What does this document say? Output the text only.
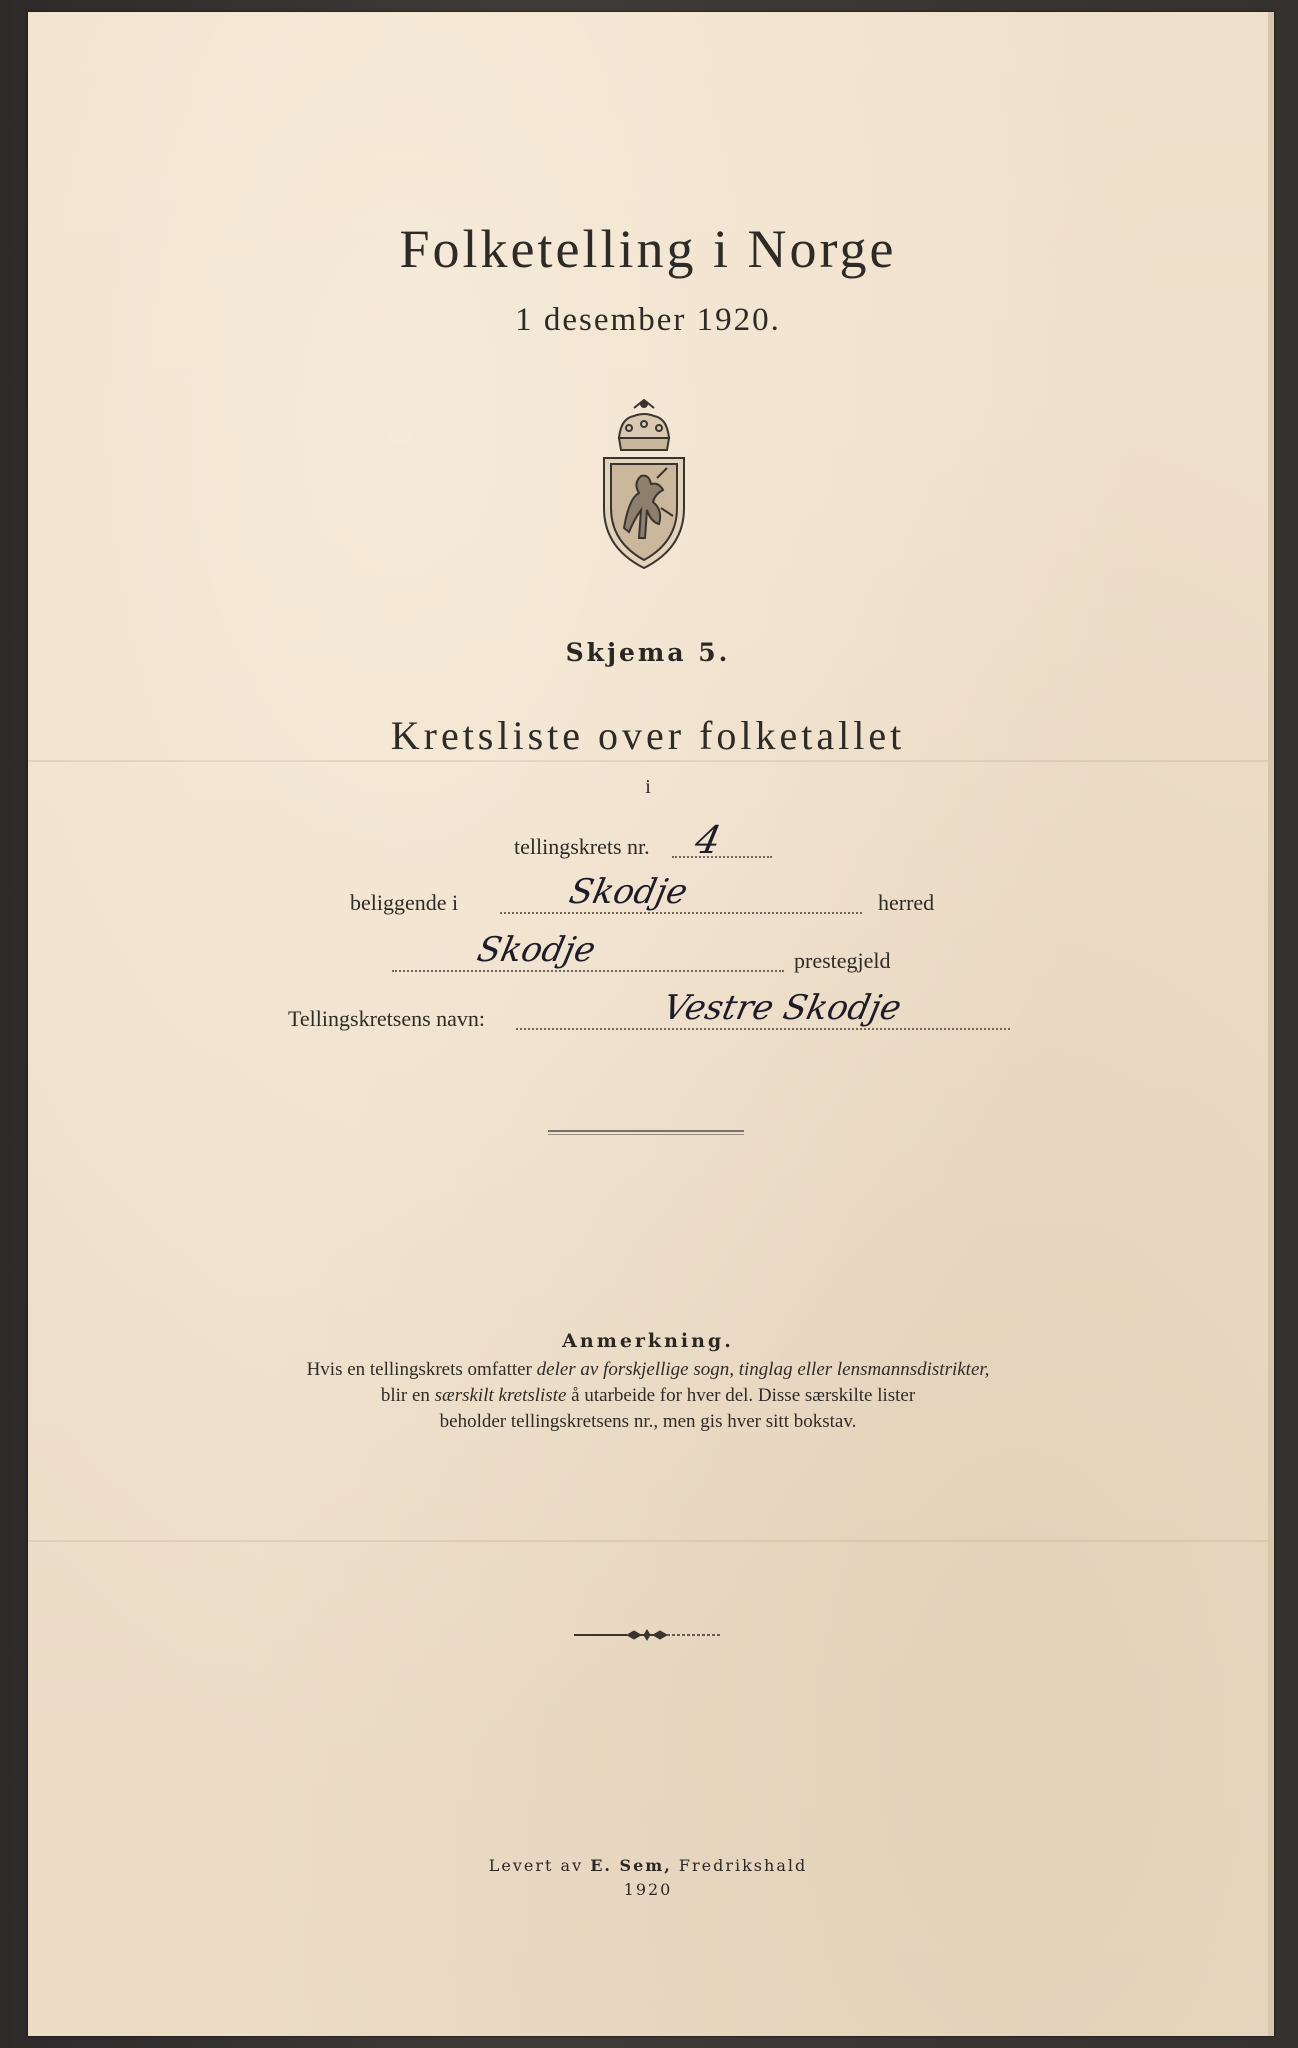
Folketelling i Norge
1 desember 1920.
Skjema 5.
Kretsliste over folketallet
i
tellingskrets nr. 4
beliggende i	Skodje	herred
Skodje	prestegjeld
Tellingskretsens navn:	Vestre Skodje
Anmerkning.
Hvis en tellingskrets omfatter deler av forskjellige sogn, tinglag eller lensmannsdistrikter,
blir en særskilt kretsliste å utarbeide for hver del. Disse særskilte lister
beholder tellingskretsens nr., men gis hver sitt bokstav.
Levert av E. Sem, Fredrikshald
1920
